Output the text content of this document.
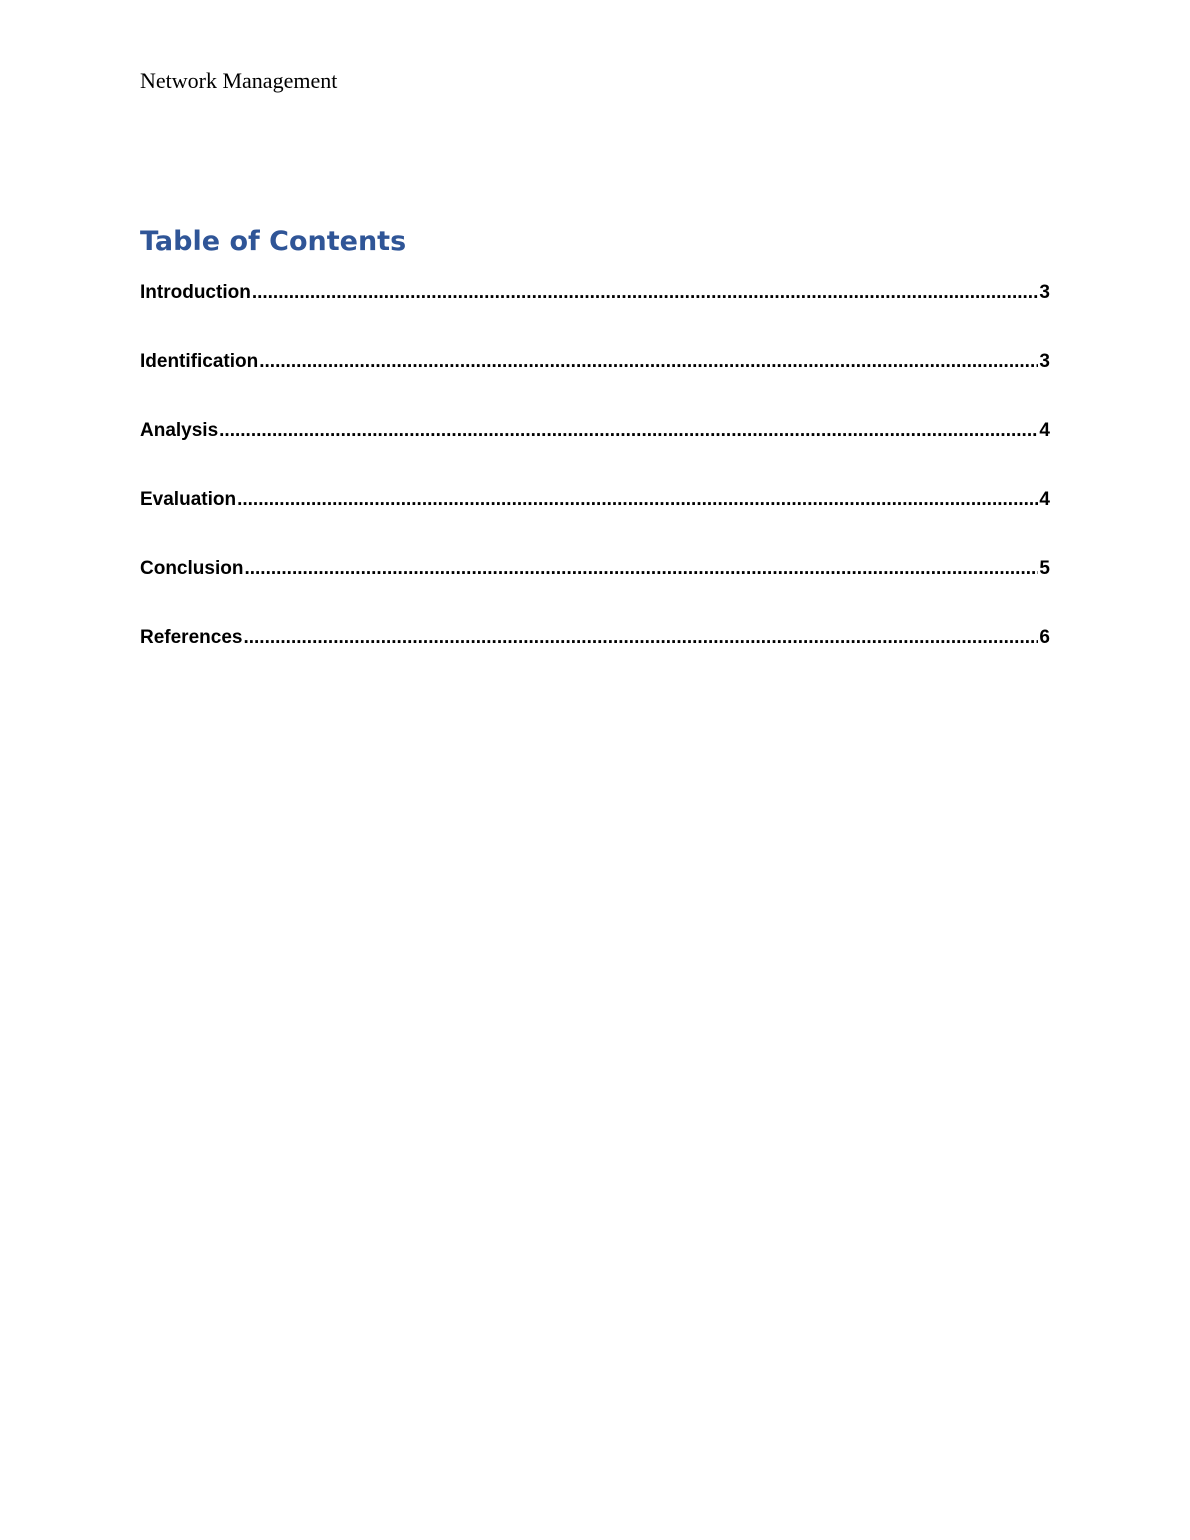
Network Management
Table of Contents
Introduction .....	3
Identification .....	3
Analysis .....	4
Evaluation .....	4
Conclusion .....	5
References .....	6
